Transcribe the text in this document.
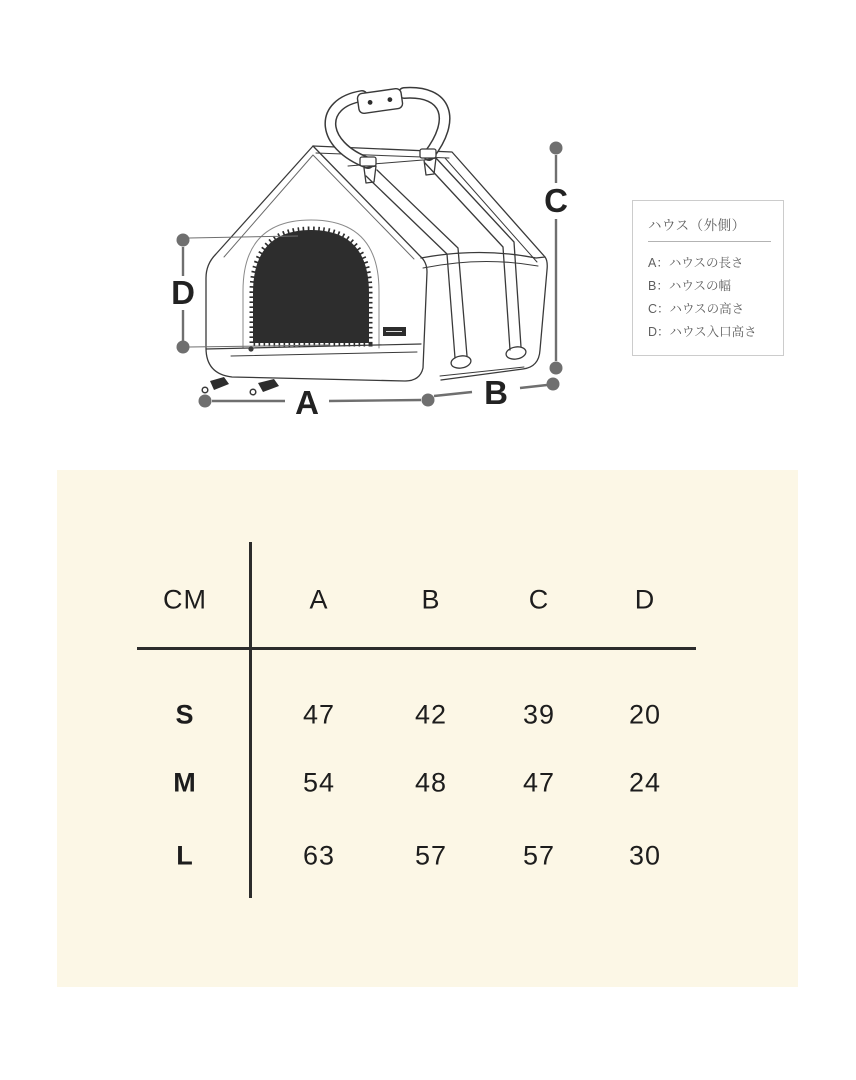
D
C
A	B
ハウス（外側）
A：ハウスの長さ
B：ハウスの幅
C：ハウスの高さ
D：ハウス入口高さ
CM	A	B	C	D
S	47	42	39	20
M	54	48	47	24
L	63	57	57	30
